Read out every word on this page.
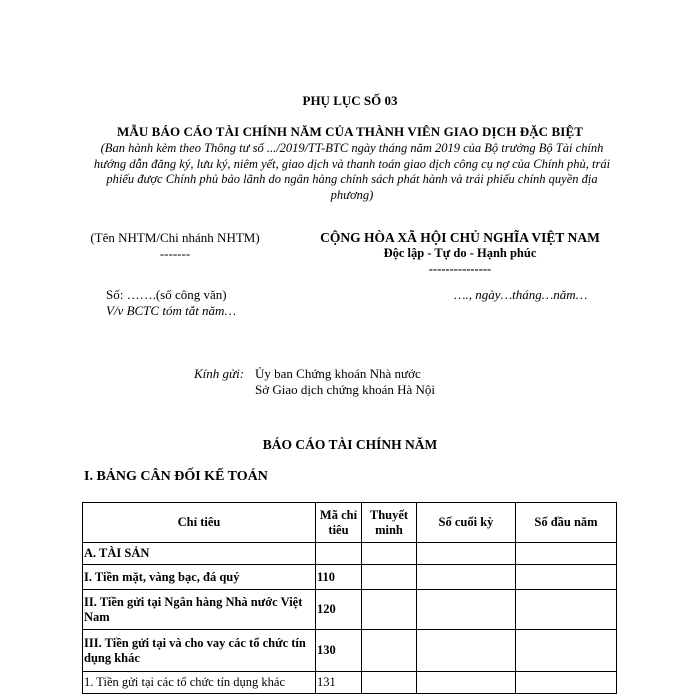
PHỤ LỤC SỐ 03
MẪU BÁO CÁO TÀI CHÍNH NĂM CỦA THÀNH VIÊN GIAO DỊCH ĐẶC BIỆT
(Ban hành kèm theo Thông tư số .../2019/TT-BTC ngày tháng năm 2019 của Bộ trưởng Bộ Tài chính hướng dẫn đăng ký, lưu ký, niêm yết, giao dịch và thanh toán giao dịch công cụ nợ của Chính phủ, trái phiếu được Chính phủ bảo lãnh do ngân hàng chính sách phát hành và trái phiếu chính quyền địa phương)
(Tên NHTM/Chi nhánh NHTM)
-------
CỘNG HÒA XÃ HỘI CHỦ NGHĨA VIỆT NAM
Độc lập - Tự do - Hạnh phúc
---------------
Số: …….(số công văn)	…., ngày…tháng…năm…
V/v BCTC tóm tắt năm…
Kính gửi: Ủy ban Chứng khoán Nhà nước
Sở Giao dịch chứng khoán Hà Nội
BÁO CÁO TÀI CHÍNH NĂM
I. BẢNG CÂN ĐỐI KẾ TOÁN
Chỉ tiêu	Mã chỉ tiêu	Thuyết minh	Số cuối kỳ	Số đầu năm
A. TÀI SẢN				
I. Tiền mặt, vàng bạc, đá quý	110			
II. Tiền gửi tại Ngân hàng Nhà nước Việt Nam	120			
III. Tiền gửi tại và cho vay các tổ chức tín dụng khác	130			
1. Tiền gửi tại các tổ chức tín dụng khác	131			
